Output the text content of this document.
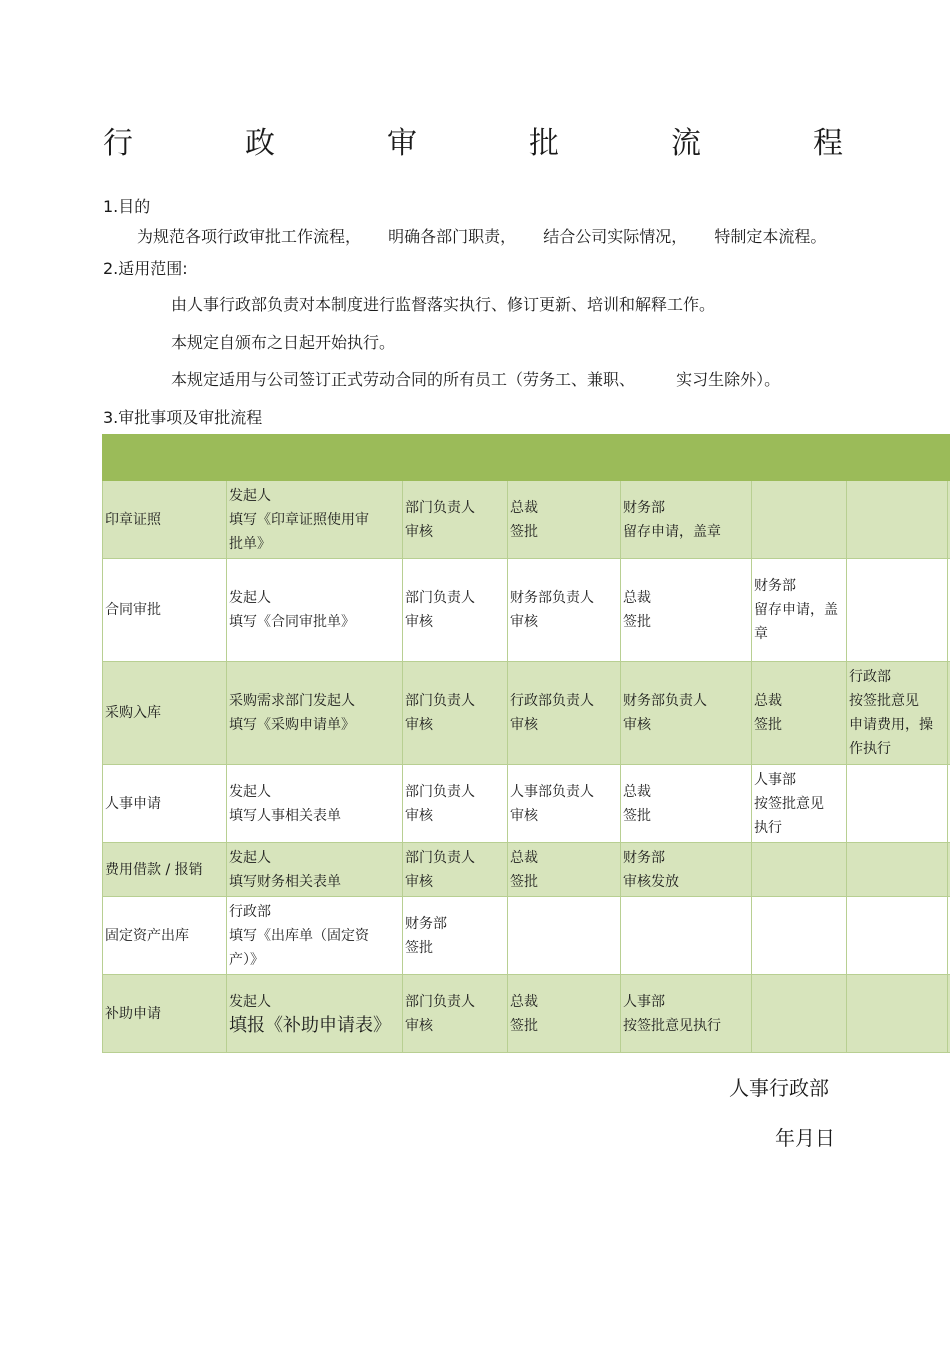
行	政	审	批	流	程
1.目的
为规范各项行政审批工作流程， 明确各部门职责， 结合公司实际情况， 特制定本流程。
2.适用范围:
由人事行政部负责对本制度进行监督落实执行、修订更新、培训和解释工作。
本规定自颁布之日起开始执行。
本规定适用与公司签订正式劳动合同的所有员工（劳务工、兼职、	实习生除外）。
3.审批事项及审批流程

印章证照	发起人
填写《印章证照使用审
批单》	部门负责人
审核	总裁
签批	财务部
留存申请，盖章			

合同审批	发起人
填写《合同审批单》	部门负责人
审核	财务部负责人
审核	总裁
签批	财务部
留存申请，盖
章		

采购入库	采购需求部门发起人
填写《采购申请单》	部门负责人
审核	行政部负责人
审核	财务部负责人
审核	总裁
签批	行政部
按签批意见
申请费用，操
作执行	

人事申请	发起人
填写人事相关表单	部门负责人
审核	人事部负责人
审核	总裁
签批	人事部
按签批意见
执行		

费用借款 / 报销	发起人
填写财务相关表单	部门负责人
审核	总裁
签批	财务部
审核发放			

固定资产出库	行政部
填写《出库单（固定资
产）》	财务部
签批					

补助申请	发起人
填报《补助申请表》	部门负责人
审核	总裁
签批	人事部
按签批意见执行			

人事行政部
年月日
